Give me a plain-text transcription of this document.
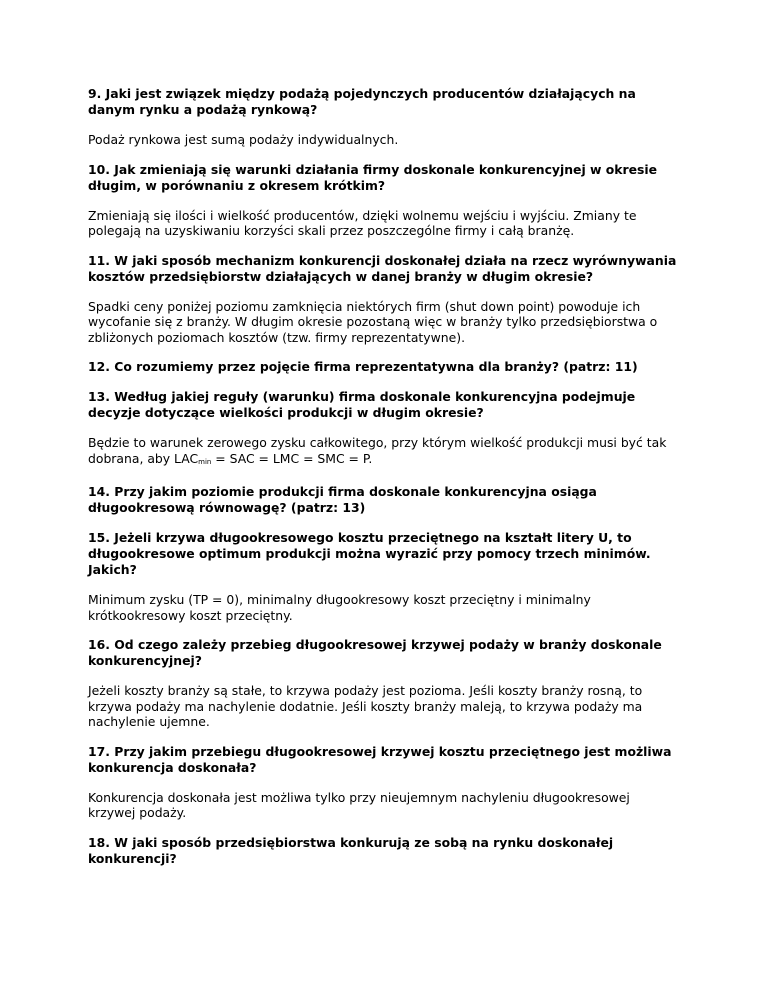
9. Jaki jest związek między podażą pojedynczych producentów działających na danym rynku a podażą rynkową?

Podaż rynkowa jest sumą podaży indywidualnych.

10. Jak zmieniają się warunki działania firmy doskonale konkurencyjnej w okresie długim, w porównaniu z okresem krótkim?

Zmieniają się ilości i wielkość producentów, dzięki wolnemu wejściu i wyjściu. Zmiany te polegają na uzyskiwaniu korzyści skali przez poszczególne firmy i całą branżę.

11. W jaki sposób mechanizm konkurencji doskonałej działa na rzecz wyrównywania kosztów przedsiębiorstw działających w danej branży w długim okresie?

Spadki ceny poniżej poziomu zamknięcia niektórych firm (shut down point) powoduje ich wycofanie się z branży. W długim okresie pozostaną więc w branży tylko przedsiębiorstwa o zbliżonych poziomach kosztów (tzw. firmy reprezentatywne).

12. Co rozumiemy przez pojęcie firma reprezentatywna dla branży? (patrz: 11)

13. Według jakiej reguły (warunku) firma doskonale konkurencyjna podejmuje decyzje dotyczące wielkości produkcji w długim okresie?

Będzie to warunek zerowego zysku całkowitego, przy którym wielkość produkcji musi być tak dobrana, aby $LAC_{min}$ = SAC = LMC = SMC = P.

14. Przy jakim poziomie produkcji firma doskonale konkurencyjna osiąga długookresową równowagę? (patrz: 13)

15. Jeżeli krzywa długookresowego kosztu przeciętnego na kształt litery U, to długookresowe optimum produkcji można wyrazić przy pomocy trzech minimów. Jakich?

Minimum zysku (TP = 0), minimalny długookresowy koszt przeciętny i minimalny krótkookresowy koszt przeciętny.

16. Od czego zależy przebieg długookresowej krzywej podaży w branży doskonale konkurencyjnej?

Jeżeli koszty branży są stałe, to krzywa podaży jest pozioma. Jeśli koszty branży rosną, to krzywa podaży ma nachylenie dodatnie. Jeśli koszty branży maleją, to krzywa podaży ma nachylenie ujemne.

17. Przy jakim przebiegu długookresowej krzywej kosztu przeciętnego jest możliwa konkurencja doskonała?

Konkurencja doskonała jest możliwa tylko przy nieujemnym nachyleniu długookresowej krzywej podaży.

18. W jaki sposób przedsiębiorstwa konkurują ze sobą na rynku doskonałej konkurencji?
